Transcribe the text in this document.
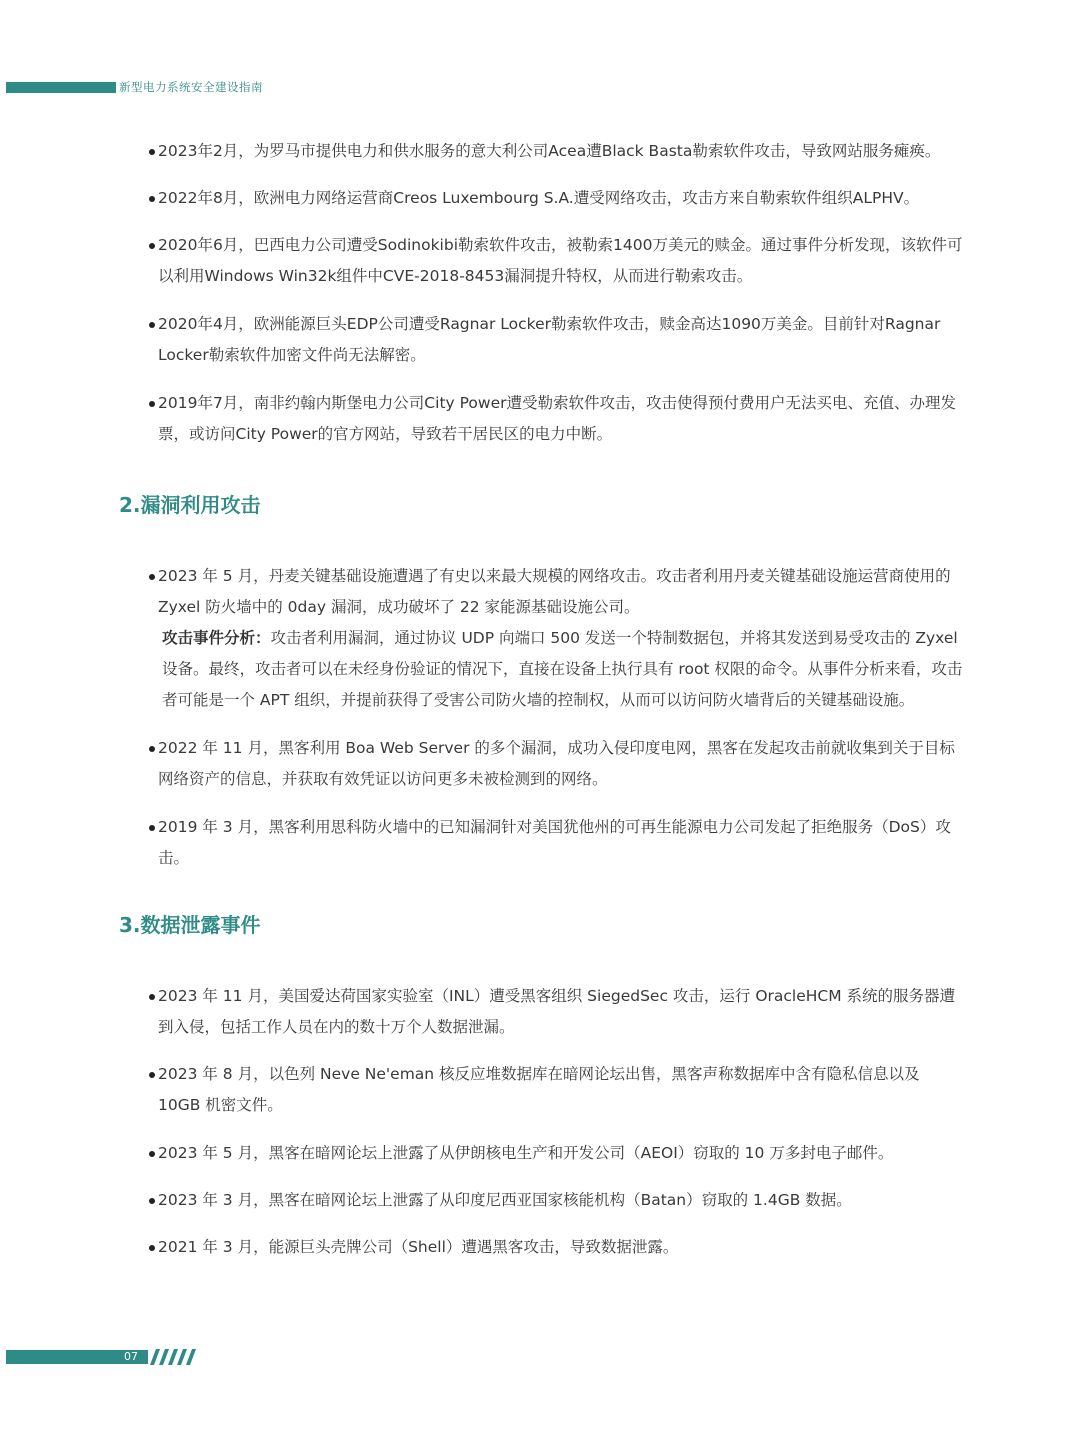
新型电力系统安全建设指南
2023年2月，为罗马市提供电力和供水服务的意大利公司Acea遭Black Basta勒索软件攻击，导致网站服务瘫痪。
2022年8月，欧洲电力网络运营商Creos Luxembourg S.A.遭受网络攻击，攻击方来自勒索软件组织ALPHV。
2020年6月，巴西电力公司遭受Sodinokibi勒索软件攻击，被勒索1400万美元的赎金。通过事件分析发现，该软件可以利用Windows Win32k组件中CVE-2018-8453漏洞提升特权，从而进行勒索攻击。
2020年4月，欧洲能源巨头EDP公司遭受Ragnar Locker勒索软件攻击，赎金高达1090万美金。目前针对Ragnar Locker勒索软件加密文件尚无法解密。
2019年7月，南非约翰内斯堡电力公司City Power遭受勒索软件攻击，攻击使得预付费用户无法买电、充值、办理发票，或访问City Power的官方网站，导致若干居民区的电力中断。
2.漏洞利用攻击
2023 年 5 月，丹麦关键基础设施遭遇了有史以来最大规模的网络攻击。攻击者利用丹麦关键基础设施运营商使用的 Zyxel 防火墙中的 0day 漏洞，成功破坏了 22 家能源基础设施公司。
攻击事件分析：攻击者利用漏洞，通过协议 UDP 向端口 500 发送一个特制数据包，并将其发送到易受攻击的 Zyxel 设备。最终，攻击者可以在未经身份验证的情况下，直接在设备上执行具有 root 权限的命令。从事件分析来看，攻击者可能是一个 APT 组织，并提前获得了受害公司防火墙的控制权，从而可以访问防火墙背后的关键基础设施。
2022 年 11 月，黑客利用 Boa Web Server 的多个漏洞，成功入侵印度电网，黑客在发起攻击前就收集到关于目标网络资产的信息，并获取有效凭证以访问更多未被检测到的网络。
2019 年 3 月，黑客利用思科防火墙中的已知漏洞针对美国犹他州的可再生能源电力公司发起了拒绝服务（DoS）攻击。
3.数据泄露事件
2023 年 11 月，美国爱达荷国家实验室（INL）遭受黑客组织 SiegedSec 攻击，运行 OracleHCM 系统的服务器遭到入侵，包括工作人员在内的数十万个人数据泄漏。
2023 年 8 月，以色列 Neve Ne'eman 核反应堆数据库在暗网论坛出售，黑客声称数据库中含有隐私信息以及 10GB 机密文件。
2023 年 5 月，黑客在暗网论坛上泄露了从伊朗核电生产和开发公司（AEOI）窃取的 10 万多封电子邮件。
2023 年 3 月，黑客在暗网论坛上泄露了从印度尼西亚国家核能机构（Batan）窃取的 1.4GB 数据。
2021 年 3 月，能源巨头壳牌公司（Shell）遭遇黑客攻击，导致数据泄露。
07
